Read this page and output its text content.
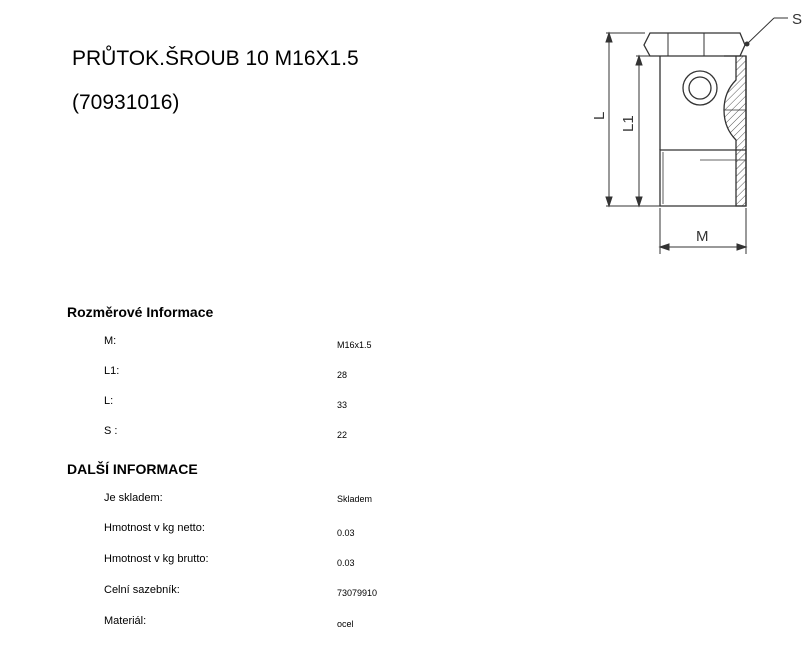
PRŮTOK.ŠROUB 10 M16X1.5
(70931016)
S
L L1
M
Rozměrové Informace
M:	M16x1.5
L1:	28
L:	33
S :	22
DALŠÍ INFORMACE
Je skladem:	Skladem
Hmotnost v kg netto:	0.03
Hmotnost v kg brutto:	0.03
Celní sazebník:	73079910
Materiál:	ocel
